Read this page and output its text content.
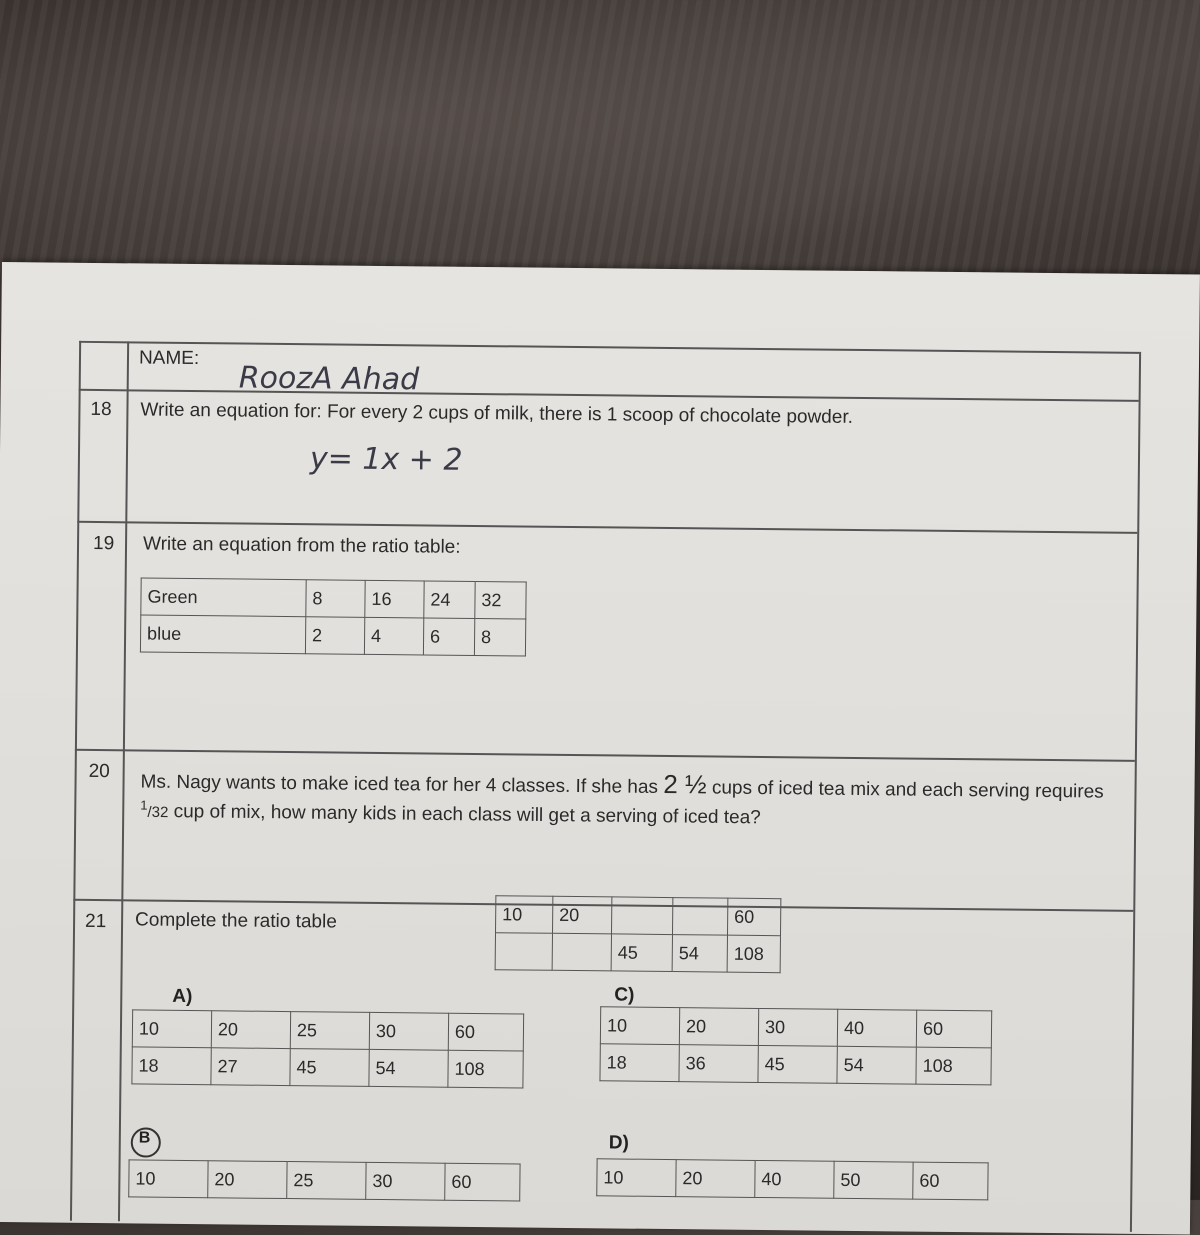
NAME:
RoozA Ahad
18 Write an equation for: For every 2 cups of milk, there is 1 scoop of chocolate powder.
y= 1x + 2
19 Write an equation from the ratio table:
Green	8	16	24	32
blue	2	4	6	8
20 Ms. Nagy wants to make iced tea for her 4 classes. If she has 2 ½ cups of iced tea mix and each serving requires
$^1$/32 cup of mix, how many kids in each class will get a serving of iced tea?
21 Complete the ratio table	10	20			60
		45	54	108
A)
10	20	25	30	60
18	27	45	54	108
C)
10	20	30	40	60
18	36	45	54	108
B
10	20	25	30	60
D)
10	20	40	50	60
